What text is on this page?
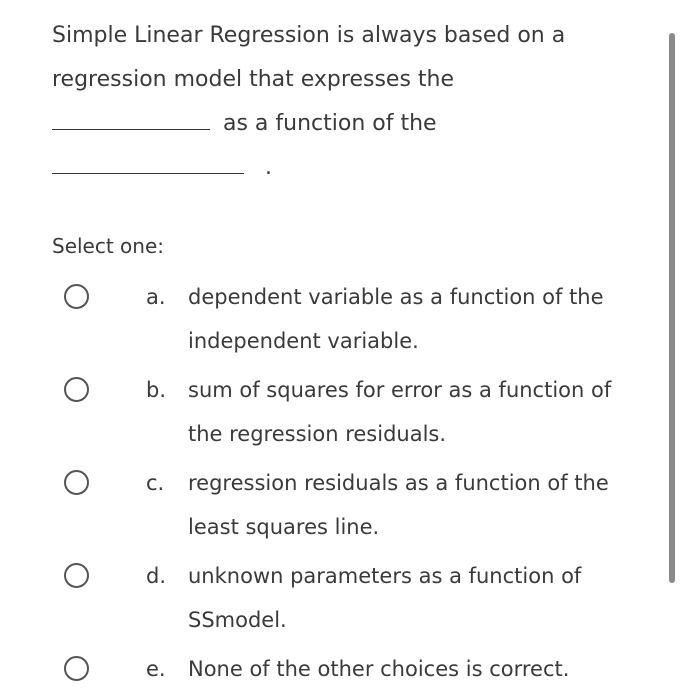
Simple Linear Regression is always based on a
regression model that expresses the
as a function of the
.
Select one:
a. dependent variable as a function of the independent variable.
b. sum of squares for error as a function of the regression residuals.
c. regression residuals as a function of the least squares line.
d. unknown parameters as a function of SSmodel.
e. None of the other choices is correct.
